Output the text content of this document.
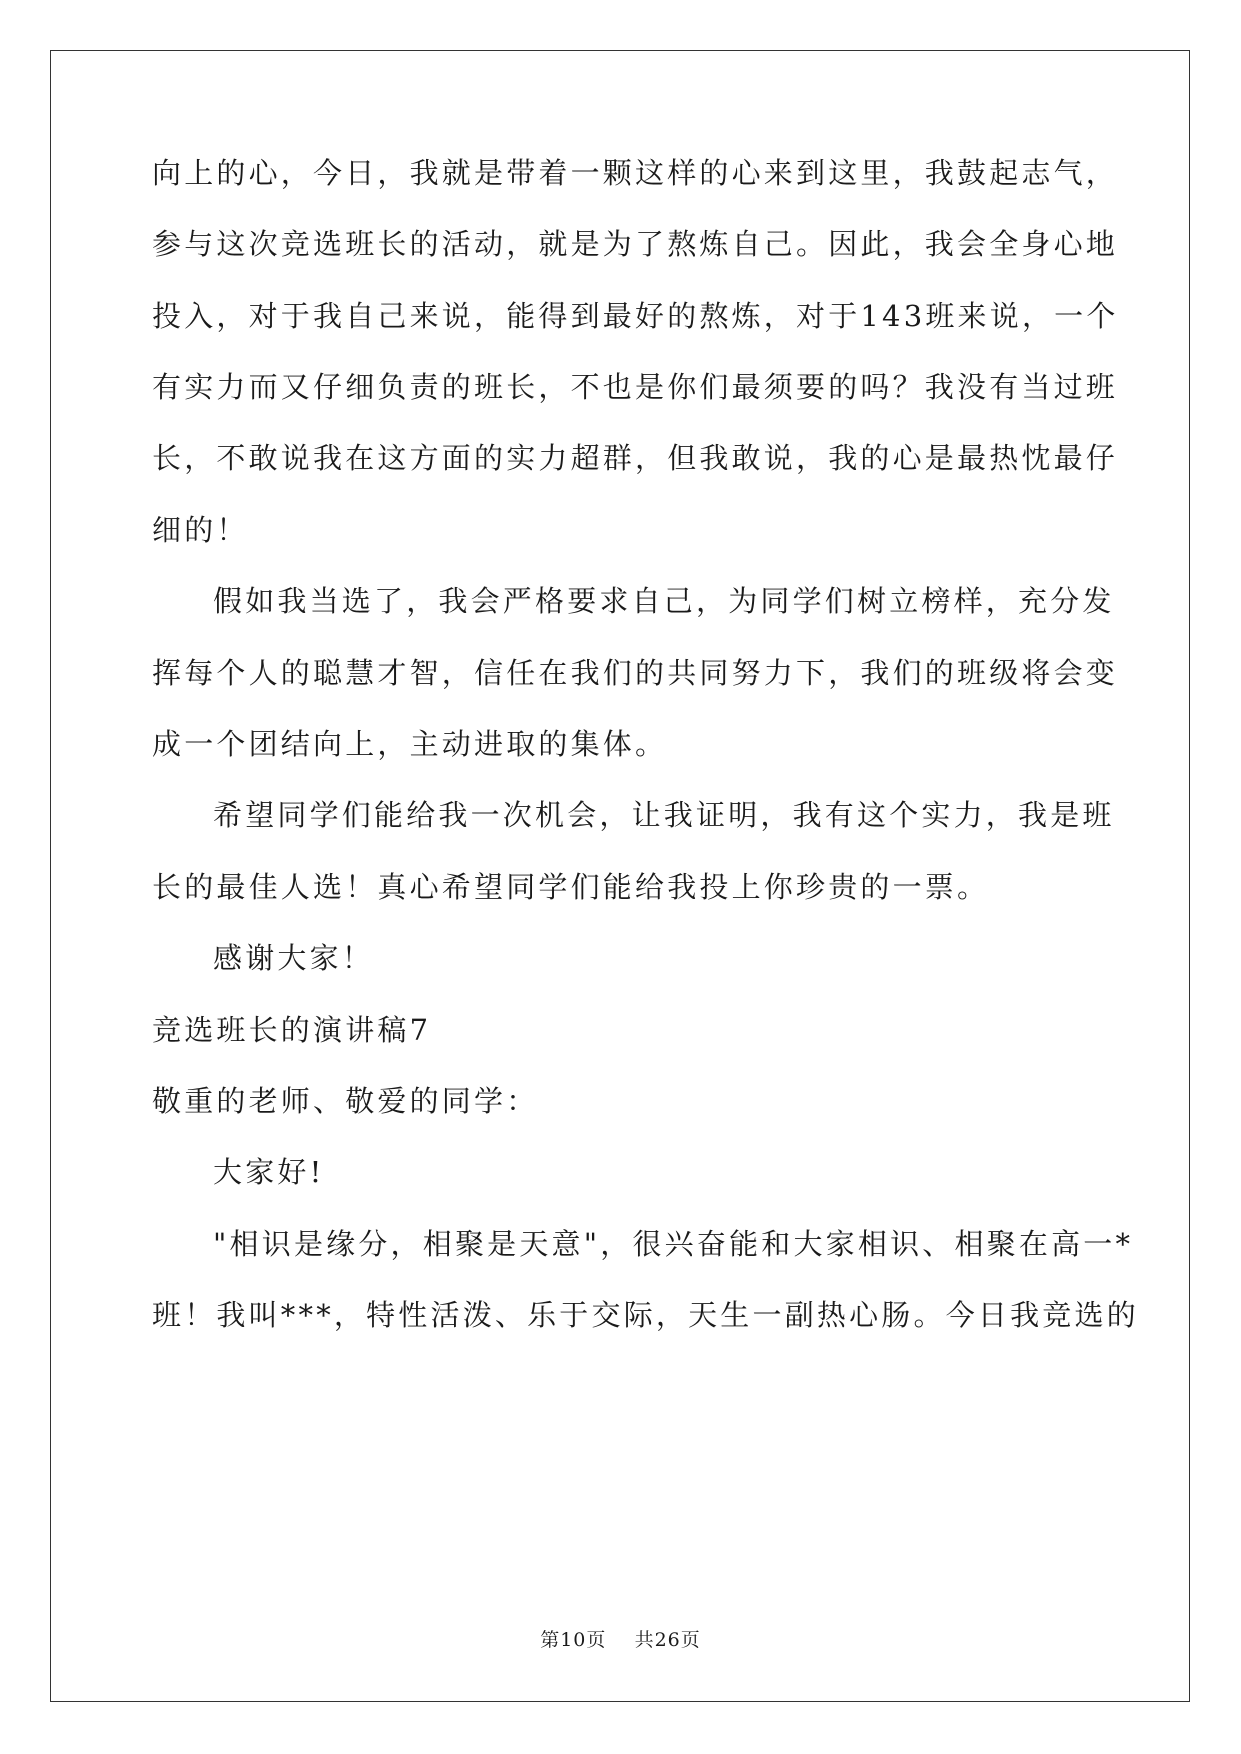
向上的心，今日，我就是带着一颗这样的心来到这里，我鼓起志气，
参与这次竞选班长的活动，就是为了熬炼自己。因此，我会全身心地
投入，对于我自己来说，能得到最好的熬炼，对于143班来说，一个
有实力而又仔细负责的班长，不也是你们最须要的吗？我没有当过班
长，不敢说我在这方面的实力超群，但我敢说，我的心是最热忱最仔
细的！
假如我当选了，我会严格要求自己，为同学们树立榜样，充分发
挥每个人的聪慧才智，信任在我们的共同努力下，我们的班级将会变
成一个团结向上，主动进取的集体。
希望同学们能给我一次机会，让我证明，我有这个实力，我是班
长的最佳人选！真心希望同学们能给我投上你珍贵的一票。
感谢大家！
竞选班长的演讲稿7
敬重的老师、敬爱的同学：
大家好!
"相识是缘分，相聚是天意"，很兴奋能和大家相识、相聚在高一*
班！我叫***，特性活泼、乐于交际，天生一副热心肠。今日我竞选的
第10页 共26页
